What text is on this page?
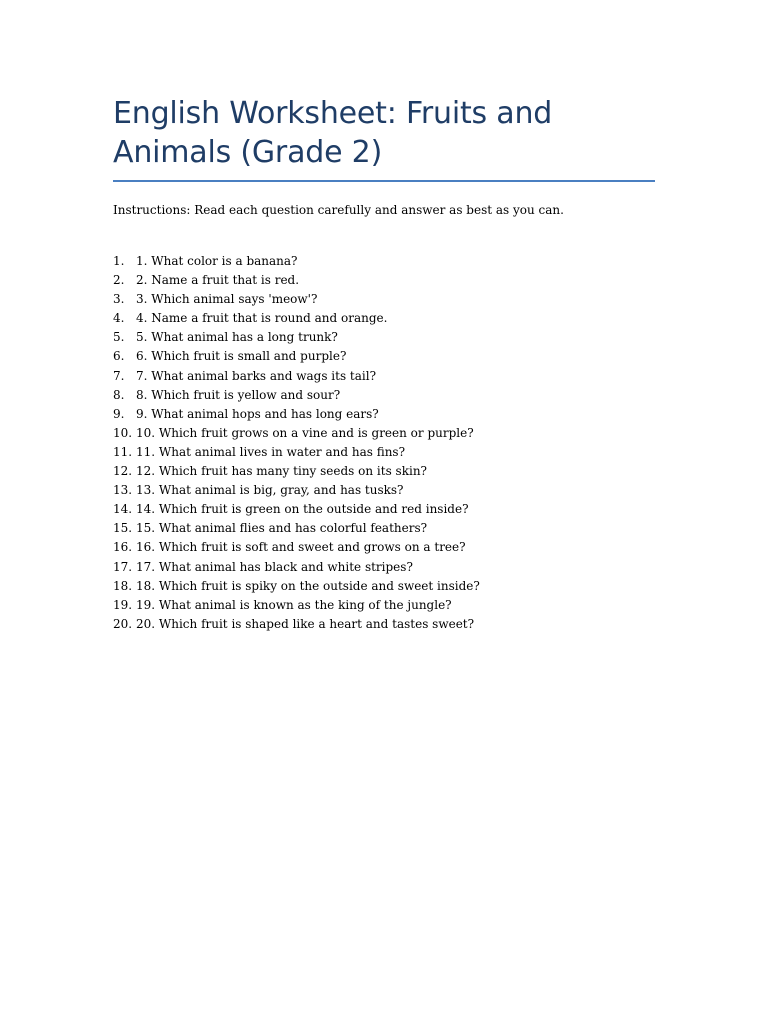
English Worksheet: Fruits and Animals (Grade 2)

Instructions: Read each question carefully and answer as best as you can.

1. 1. What color is a banana?
2. 2. Name a fruit that is red.
3. 3. Which animal says 'meow'?
4. 4. Name a fruit that is round and orange.
5. 5. What animal has a long trunk?
6. 6. Which fruit is small and purple?
7. 7. What animal barks and wags its tail?
8. 8. Which fruit is yellow and sour?
9. 9. What animal hops and has long ears?
10. 10. Which fruit grows on a vine and is green or purple?
11. 11. What animal lives in water and has fins?
12. 12. Which fruit has many tiny seeds on its skin?
13. 13. What animal is big, gray, and has tusks?
14. 14. Which fruit is green on the outside and red inside?
15. 15. What animal flies and has colorful feathers?
16. 16. Which fruit is soft and sweet and grows on a tree?
17. 17. What animal has black and white stripes?
18. 18. Which fruit is spiky on the outside and sweet inside?
19. 19. What animal is known as the king of the jungle?
20. 20. Which fruit is shaped like a heart and tastes sweet?
